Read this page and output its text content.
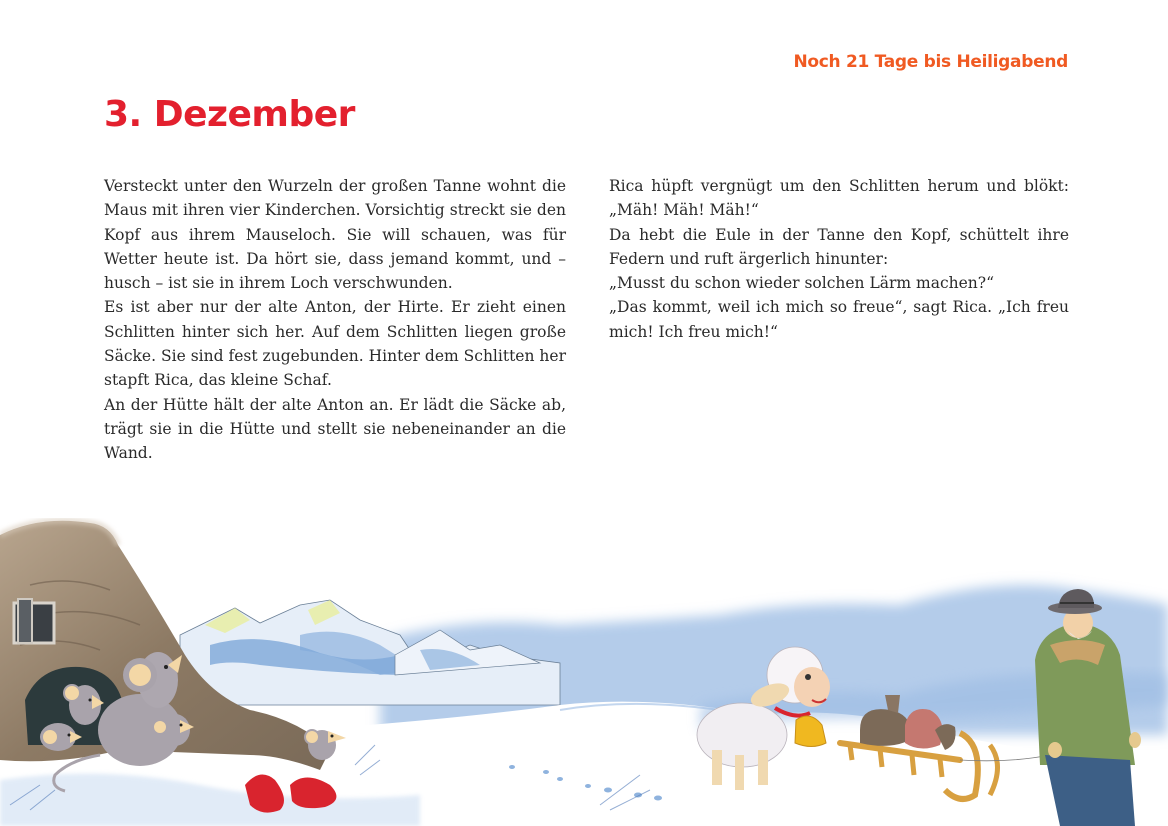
Noch 21 Tage bis Heiligabend
3. Dezember

Versteckt unter den Wurzeln der großen Tanne wohnt die Maus mit ihren vier Kinderchen. Vorsichtig streckt sie den Kopf aus ihrem Mauseloch. Sie will schauen, was für Wetter heute ist. Da hört sie, dass jemand kommt, und – husch – ist sie in ihrem Loch verschwunden.

Es ist aber nur der alte Anton, der Hirte. Er zieht einen Schlitten hinter sich her. Auf dem Schlitten liegen große Säcke. Sie sind fest zugebunden. Hinter dem Schlitten her stapft Rica, das kleine Schaf.

An der Hütte hält der alte Anton an. Er lädt die Säcke ab, trägt sie in die Hütte und stellt sie nebeneinander an die Wand.

Rica hüpft vergnügt um den Schlitten herum und blökt: „Mäh! Mäh! Mäh!“

Da hebt die Eule in der Tanne den Kopf, schüttelt ihre Federn und ruft ärgerlich hinunter:

„Musst du schon wieder solchen Lärm machen?“

„Das kommt, weil ich mich so freue“, sagt Rica. „Ich freu mich! Ich freu mich!“
